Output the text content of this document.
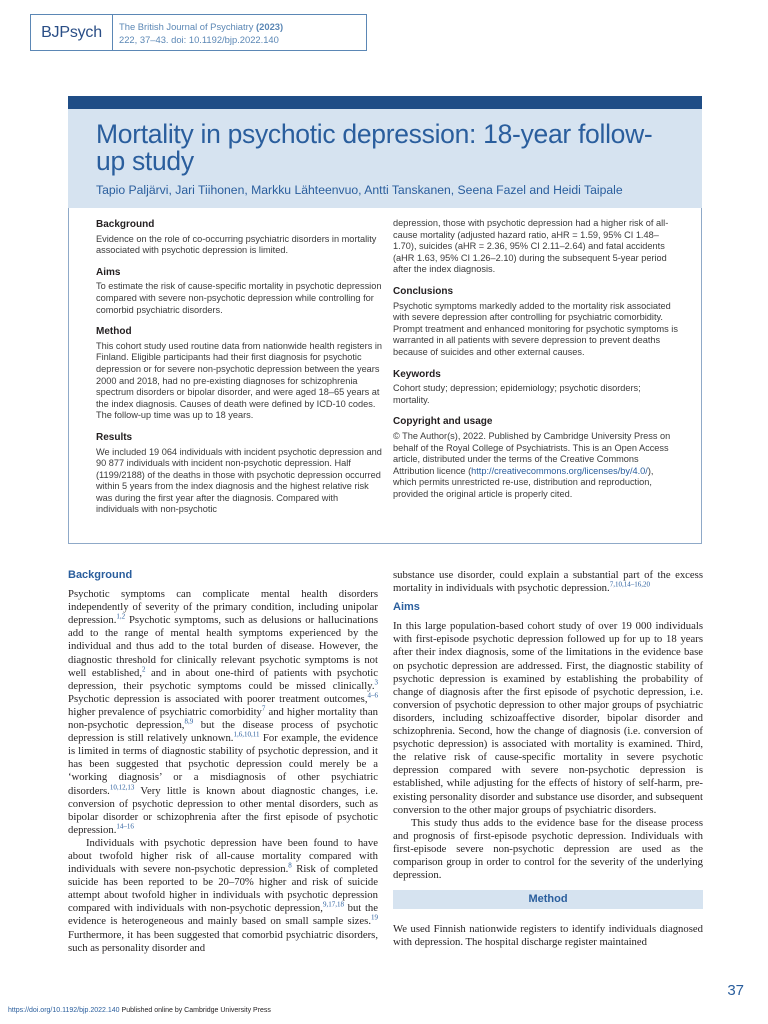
BJPsych	The British Journal of Psychiatry (2023)
222, 37–43. doi: 10.1192/bjp.2022.140
Mortality in psychotic depression: 18-year follow-up study
Tapio Paljärvi, Jari Tiihonen, Markku Lähteenvuo, Antti Tanskanen, Seena Fazel and Heidi Taipale
Background

Evidence on the role of co-occurring psychiatric disorders in mortality associated with psychotic depression is limited.

Aims

To estimate the risk of cause-specific mortality in psychotic depression compared with severe non-psychotic depression while controlling for comorbid psychiatric disorders.

Method

This cohort study used routine data from nationwide health registers in Finland. Eligible participants had their first diagnosis for psychotic depression or for severe non-psychotic depression between the years 2000 and 2018, had no pre-existing diagnoses for schizophrenia spectrum disorders or bipolar disorder, and were aged 18–65 years at the index diagnosis. Causes of death were defined by ICD-10 codes. The follow-up time was up to 18 years.

Results

We included 19 064 individuals with incident psychotic depression and 90 877 individuals with incident non-psychotic depression. Half (1199/2188) of the deaths in those with psychotic depression occurred within 5 years from the index diagnosis and the highest relative risk was during the first year after the diagnosis. Compared with individuals with non-psychotic

depression, those with psychotic depression had a higher risk of all-cause mortality (adjusted hazard ratio, aHR = 1.59, 95% CI 1.48–1.70), suicides (aHR = 2.36, 95% CI 2.11–2.64) and fatal accidents (aHR 1.63, 95% CI 1.26–2.10) during the subsequent 5-year period after the index diagnosis.

Conclusions

Psychotic symptoms markedly added to the mortality risk associated with severe depression after controlling for psychiatric comorbidity. Prompt treatment and enhanced monitoring for psychotic symptoms is warranted in all patients with severe depression to prevent deaths because of suicides and other external causes.

Keywords

Cohort study; depression; epidemiology; psychotic disorders; mortality.

Copyright and usage

© The Author(s), 2022. Published by Cambridge University Press on behalf of the Royal College of Psychiatrists. This is an Open Access article, distributed under the terms of the Creative Commons Attribution licence (http://creativecommons.org/licenses/by/4.0/), which permits unrestricted re-use, distribution and reproduction, provided the original article is properly cited.

Background

Psychotic symptoms can complicate mental health disorders independently of severity of the primary condition, including unipolar depression.$^{1,2}$ Psychotic symptoms, such as delusions or hallucinations add to the range of mental health symptoms experienced by the individual and thus add to the total burden of disease. However, the diagnostic threshold for clinically relevant psychotic symptoms is not well established,$^2$ and in about one-third of patients with psychotic depression, their psychotic symptoms could be missed clinically.$^3$ Psychotic depression is associated with poorer treatment outcomes,$^{4-6}$ higher prevalence of psychiatric comorbidity$^7$ and higher mortality than non-psychotic depression,$^{8,9}$ but the disease process of psychotic depression is still relatively unknown.$^{1,6,10,11}$ For example, the evidence is limited in terms of diagnostic stability of psychotic depression, and it has been suggested that psychotic depression could merely be a ‘working diagnosis’ or a misdiagnosis of other psychiatric disorders.$^{10,12,13}$ Very little is known about diagnostic changes, i.e. conversion of psychotic depression to other mental disorders, such as bipolar disorder or schizophrenia after the first episode of psychotic depression.$^{14-16}$

Individuals with psychotic depression have been found to have about twofold higher risk of all-cause mortality compared with individuals with severe non-psychotic depression.$^8$ Risk of completed suicide has been reported to be 20–70% higher and risk of suicide attempt about twofold higher in individuals with psychotic depression compared with individuals with non-psychotic depression,$^{9,17,18}$ but the evidence is heterogeneous and mainly based on small sample sizes.$^{19}$ Furthermore, it has been suggested that comorbid psychiatric disorders, such as personality disorder and

substance use disorder, could explain a substantial part of the excess mortality in individuals with psychotic depression.$^{7,10,14-16,20}$

Aims

In this large population-based cohort study of over 19 000 individuals with first-episode psychotic depression followed up for up to 18 years after their index diagnosis, some of the limitations in the evidence base on psychotic depression are addressed. First, the diagnostic stability of psychotic depression is examined by establishing the probability of change of diagnosis after the first episode of psychotic depression, i.e. conversion of psychotic depression to other major groups of psychiatric disorders, including schizoaffective disorder, bipolar disorder and schizophrenia. Second, how the change of diagnosis (i.e. conversion of psychotic depression) is associated with mortality is examined. Third, the relative risk of cause-specific mortality in severe psychotic depression compared with severe non-psychotic depression is established, while adjusting for the effects of history of self-harm, pre-existing personality disorder and substance use disorder, and subsequent conversion to the other major groups of psychiatric disorders.

This study thus adds to the evidence base for the disease process and prognosis of first-episode psychotic depression. Individuals with first-episode severe non-psychotic depression are used as the comparison group in order to control for the severity of the underlying depression.

Method

We used Finnish nationwide registers to identify individuals diagnosed with depression. The hospital discharge register maintained

37
https://doi.org/10.1192/bjp.2022.140 Published online by Cambridge University Press
